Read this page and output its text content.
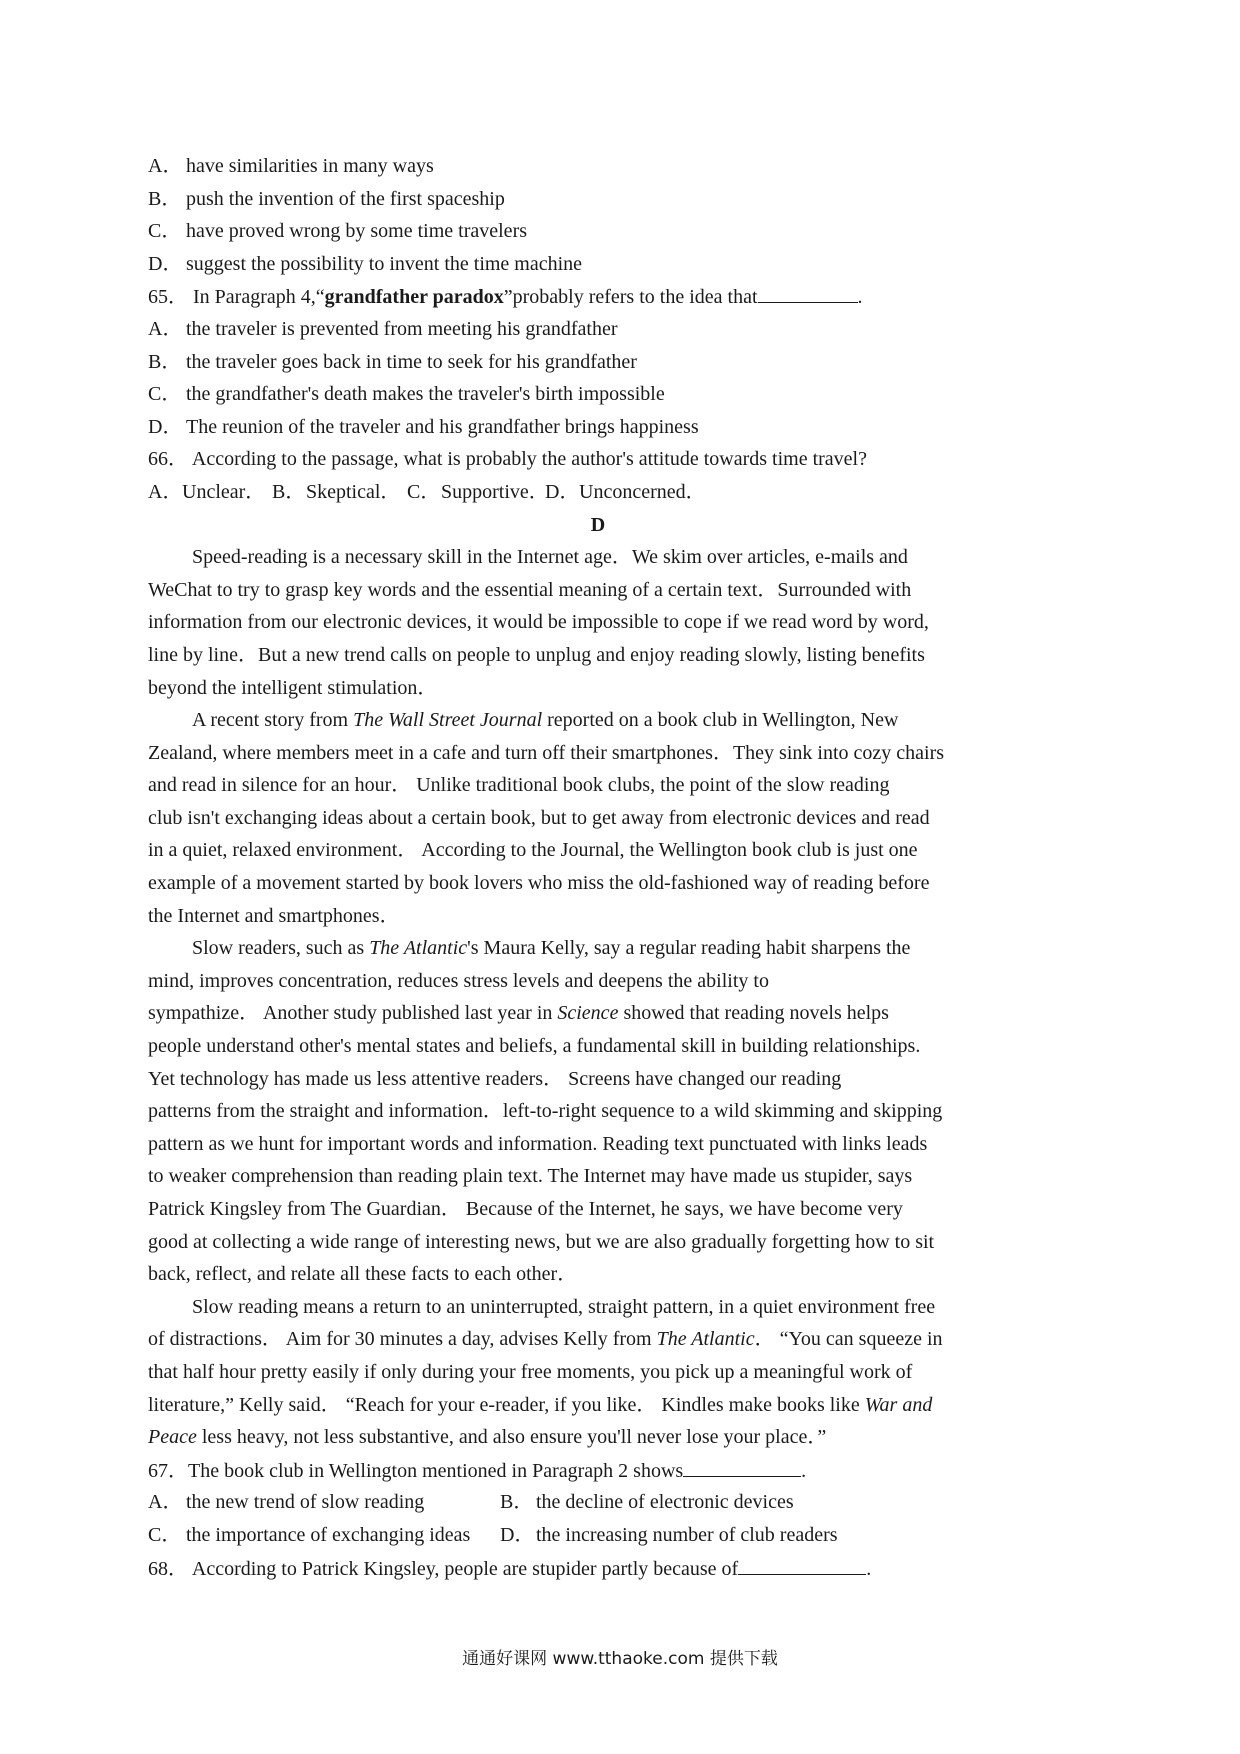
A． have similarities in many ways
B． push the invention of the first spaceship
C． have proved wrong by some time travelers
D． suggest the possibility to invent the time machine
65． In Paragraph 4,“grandfather paradox”probably refers to the idea that	.
A． the traveler is prevented from meeting his grandfather
B． the traveler goes back in time to seek for his grandfather
C． the grandfather's death makes the traveler's birth impossible
D． The reunion of the traveler and his grandfather brings happiness
66． According to the passage, what is probably the author's attitude towards time travel?
A．Unclear． B．Skeptical． C．Supportive．D．Unconcerned．
D
Speed-reading is a necessary skill in the Internet age．We skim over articles, e-mails and
WeChat to try to grasp key words and the essential meaning of a certain text．Surrounded with
information from our electronic devices, it would be impossible to cope if we read word by word,
line by line．But a new trend calls on people to unplug and enjoy reading slowly, listing benefits
beyond the intelligent stimulation．
A recent story from The Wall Street Journal reported on a book club in Wellington, New
Zealand, where members meet in a cafe and turn off their smartphones．They sink into cozy chairs
and read in silence for an hour． Unlike traditional book clubs, the point of the slow reading
club isn't exchanging ideas about a certain book, but to get away from electronic devices and read
in a quiet, relaxed environment． According to the Journal, the Wellington book club is just one
example of a movement started by book lovers who miss the old-fashioned way of reading before
the Internet and smartphones．
Slow readers, such as The Atlantic's Maura Kelly, say a regular reading habit sharpens the
mind, improves concentration, reduces stress levels and deepens the ability to
sympathize． Another study published last year in Science showed that reading novels helps
people understand other's mental states and beliefs, a fundamental skill in building relationships.
Yet technology has made us less attentive readers． Screens have changed our reading
patterns from the straight and information．left-to-right sequence to a wild skimming and skipping
pattern as we hunt for important words and information. Reading text punctuated with links leads
to weaker comprehension than reading plain text. The Internet may have made us stupider, says
Patrick Kingsley from The Guardian． Because of the Internet, he says, we have become very
good at collecting a wide range of interesting news, but we are also gradually forgetting how to sit
back, reflect, and relate all these facts to each other．
Slow reading means a return to an uninterrupted, straight pattern, in a quiet environment free
of distractions． Aim for 30 minutes a day, advises Kelly from The Atlantic． “You can squeeze in
that half hour pretty easily if only during your free moments, you pick up a meaningful work of
literature,” Kelly said． “Reach for your e-reader, if you like． Kindles make books like War and
Peace less heavy, not less substantive, and also ensure you'll never lose your place．”
67．The book club in Wellington mentioned in Paragraph 2 shows	.
A． the new trend of slow reading	B． the decline of electronic devices
C． the importance of exchanging ideas D．the increasing number of club readers
68． According to Patrick Kingsley, people are stupider partly because of	.
通通好课网 www.tthaoke.com 提供下载
